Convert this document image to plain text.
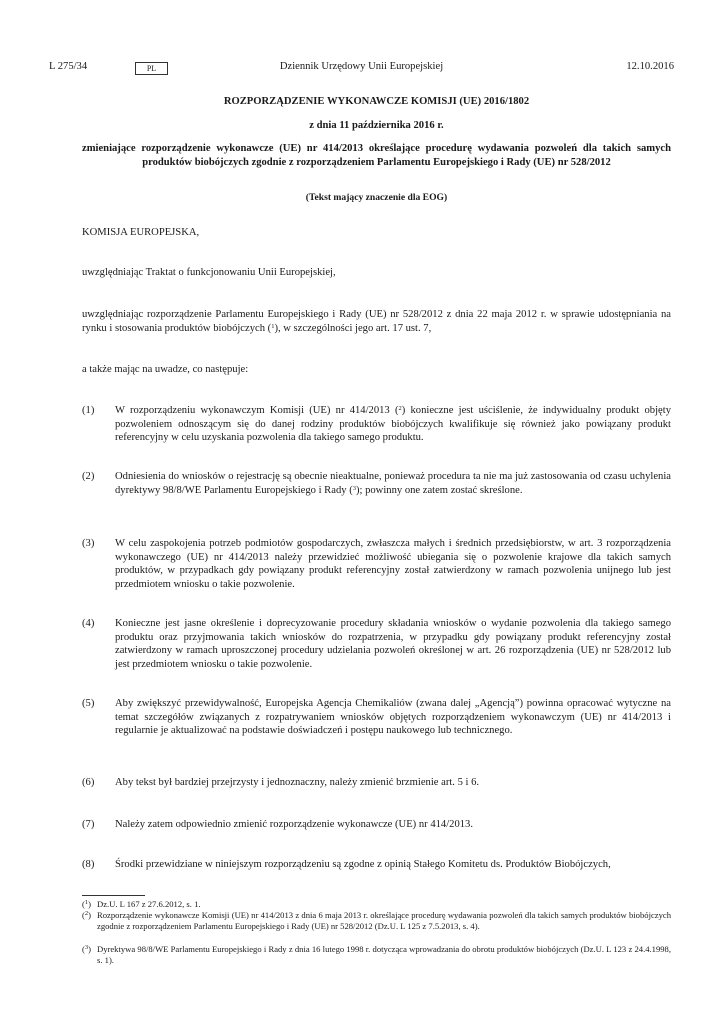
L 275/34	PL	Dziennik Urzędowy Unii Europejskiej	12.10.2016
ROZPORZĄDZENIE WYKONAWCZE KOMISJI (UE) 2016/1802
z dnia 11 października 2016 r.
zmieniające rozporządzenie wykonawcze (UE) nr 414/2013 określające procedurę wydawania pozwoleń dla takich samych produktów biobójczych zgodnie z rozporządzeniem Parlamentu Europejskiego i Rady (UE) nr 528/2012
(Tekst mający znaczenie dla EOG)
KOMISJA EUROPEJSKA,
uwzględniając Traktat o funkcjonowaniu Unii Europejskiej,
uwzględniając rozporządzenie Parlamentu Europejskiego i Rady (UE) nr 528/2012 z dnia 22 maja 2012 r. w sprawie udostępniania na rynku i stosowania produktów biobójczych ($^1$), w szczególności jego art. 17 ust. 7,
a także mając na uwadze, co następuje:
(1) W rozporządzeniu wykonawczym Komisji (UE) nr 414/2013 ($^2$) konieczne jest uściślenie, że indywidualny produkt objęty pozwoleniem odnoszącym się do danej rodziny produktów biobójczych kwalifikuje się również jako powiązany produkt referencyjny w celu uzyskania pozwolenia dla takiego samego produktu.
(2) Odniesienia do wniosków o rejestrację są obecnie nieaktualne, ponieważ procedura ta nie ma już zastosowania od czasu uchylenia dyrektywy 98/8/WE Parlamentu Europejskiego i Rady ($^3$); powinny one zatem zostać skreślone.
(3) W celu zaspokojenia potrzeb podmiotów gospodarczych, zwłaszcza małych i średnich przedsiębiorstw, w art. 3 rozporządzenia wykonawczego (UE) nr 414/2013 należy przewidzieć możliwość ubiegania się o pozwolenie krajowe dla takich samych produktów, w przypadkach gdy powiązany produkt referencyjny został zatwierdzony w ramach pozwolenia unijnego lub jest przedmiotem wniosku o takie pozwolenie.
(4) Konieczne jest jasne określenie i doprecyzowanie procedury składania wniosków o wydanie pozwolenia dla takiego samego produktu oraz przyjmowania takich wniosków do rozpatrzenia, w przypadku gdy powiązany produkt referencyjny został zatwierdzony w ramach uproszczonej procedury udzielania pozwoleń określonej w art. 26 rozporządzenia (UE) nr 528/2012 lub jest przedmiotem wniosku o takie pozwolenie.
(5) Aby zwiększyć przewidywalność, Europejska Agencja Chemikaliów (zwana dalej „Agencją”) powinna opracować wytyczne na temat szczegółów związanych z rozpatrywaniem wniosków objętych rozporządzeniem wykonawczym (UE) nr 414/2013 i regularnie je aktualizować na podstawie doświadczeń i postępu naukowego lub technicznego.
(6) Aby tekst był bardziej przejrzysty i jednoznaczny, należy zmienić brzmienie art. 5 i 6.
(7) Należy zatem odpowiednio zmienić rozporządzenie wykonawcze (UE) nr 414/2013.
(8) Środki przewidziane w niniejszym rozporządzeniu są zgodne z opinią Stałego Komitetu ds. Produktów Biobójczych,
($^1$) Dz.U. L 167 z 27.6.2012, s. 1.
($^2$) Rozporządzenie wykonawcze Komisji (UE) nr 414/2013 z dnia 6 maja 2013 r. określające procedurę wydawania pozwoleń dla takich samych produktów biobójczych zgodnie z rozporządzeniem Parlamentu Europejskiego i Rady (UE) nr 528/2012 (Dz.U. L 125 z 7.5.2013, s. 4).
($^3$) Dyrektywa 98/8/WE Parlamentu Europejskiego i Rady z dnia 16 lutego 1998 r. dotycząca wprowadzania do obrotu produktów biobójczych (Dz.U. L 123 z 24.4.1998, s. 1).
